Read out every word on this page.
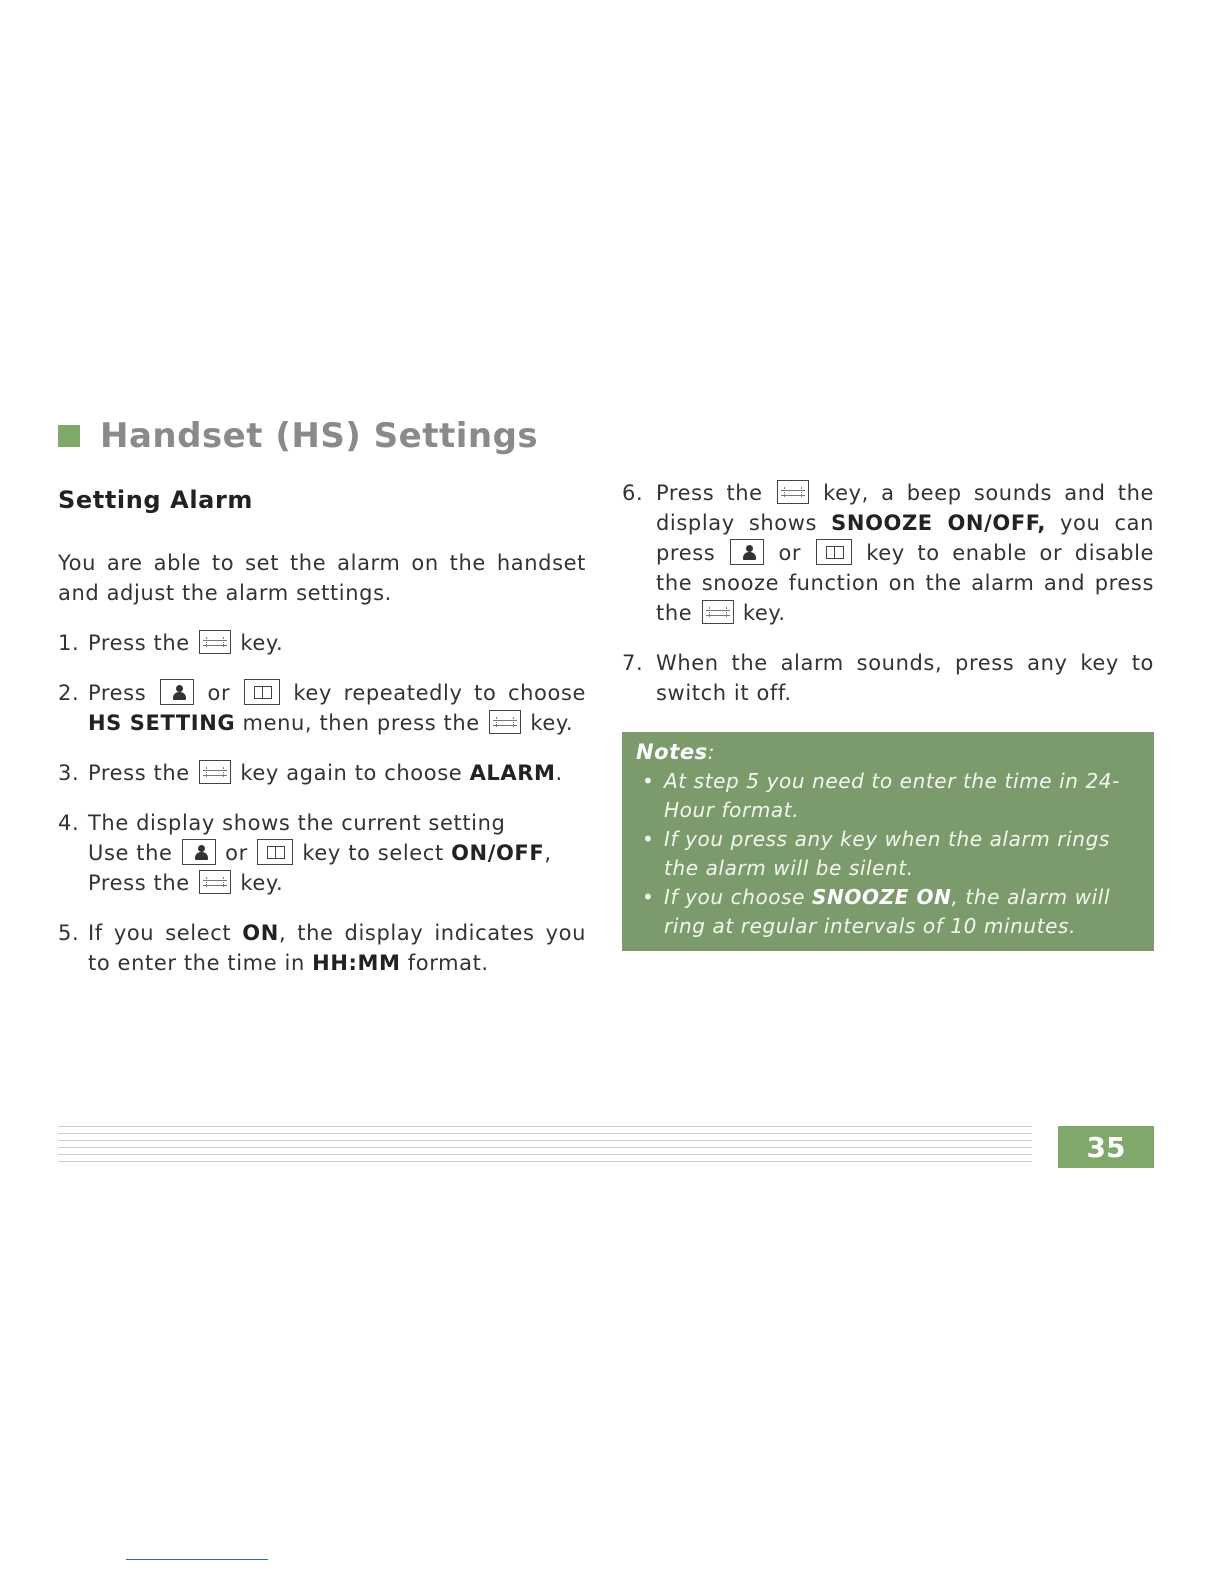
Handset (HS) Settings
Setting Alarm
You are able to set the alarm on the handset and adjust the alarm settings.
1. Press the key.
2. Press	or	key repeatedly to choose HS SETTING menu, then press the key.
3. Press the key again to choose ALARM.
4. The display shows the current setting
Use the	or	key to select ON/OFF,
Press the key.
5. If you select ON, the display indicates you to enter the time in HH:MM format.
6. Press the	key, a beep sounds and the display shows SNOOZE ON/OFF, you can press	or	key to enable or disable the snooze function on the alarm and press the key.
7. When the alarm sounds, press any key to switch it off.
Notes:
• At step 5 you need to enter the time in 24-Hour format.
• If you press any key when the alarm rings the alarm will be silent.
• If you choose SNOOZE ON, the alarm will ring at regular intervals of 10 minutes.
35
